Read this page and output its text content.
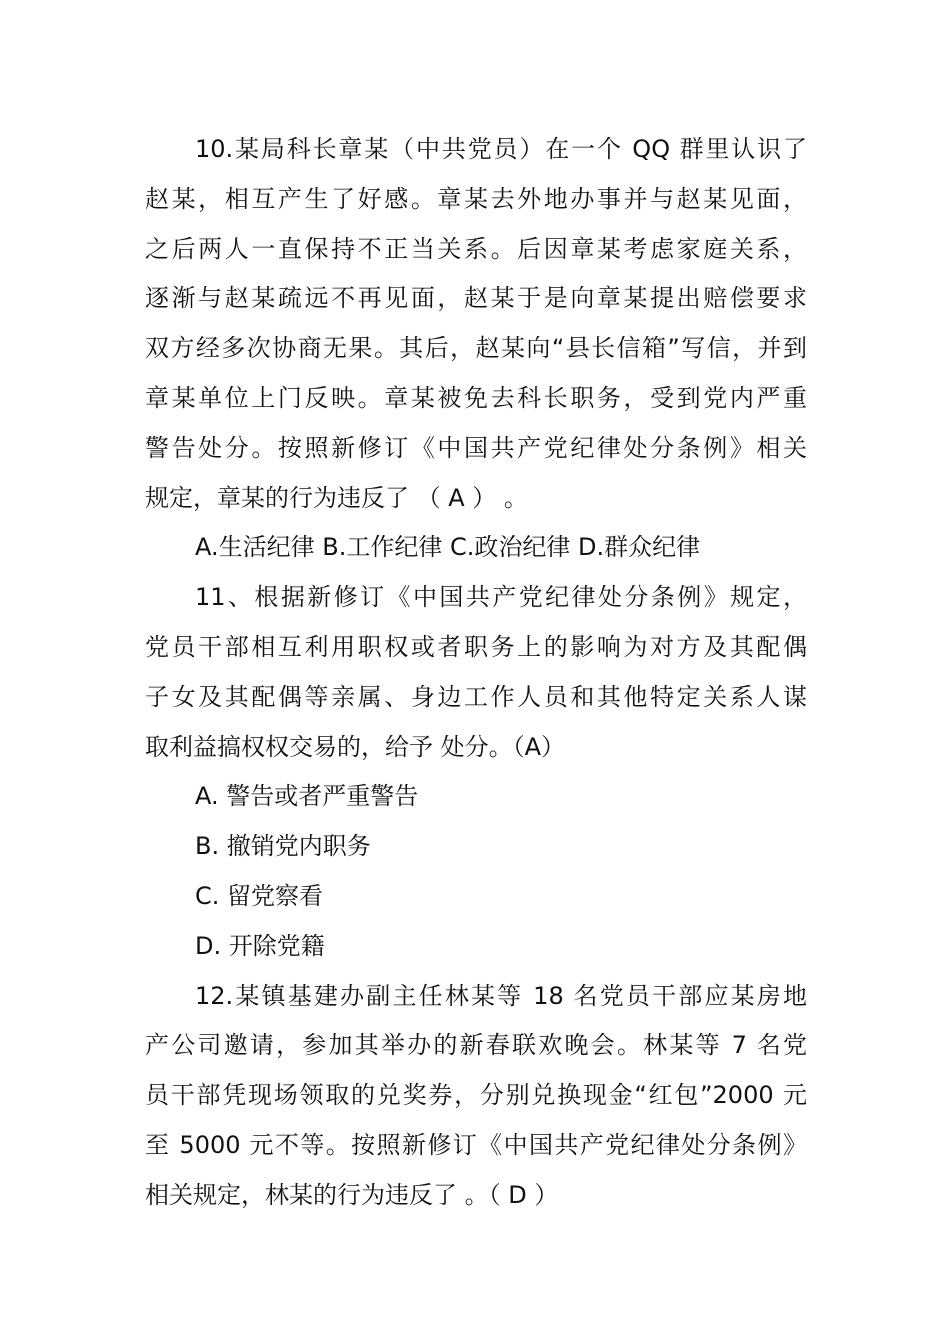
10.某局科长章某（中共党员）在一个 QQ 群里认识了
赵某，相互产生了好感。章某去外地办事并与赵某见面，
之后两人一直保持不正当关系。后因章某考虑家庭关系，
逐渐与赵某疏远不再见面，赵某于是向章某提出赔偿要求
双方经多次协商无果。其后，赵某向“县长信箱”写信，并到
章某单位上门反映。章某被免去科长职务，受到党内严重
警告处分。按照新修订《中国共产党纪律处分条例》相关
规定，章某的行为违反了 （ A ） 。
A.生活纪律 B.工作纪律 C.政治纪律 D.群众纪律
11、根据新修订《中国共产党纪律处分条例》规定，
党员干部相互利用职权或者职务上的影响为对方及其配偶
子女及其配偶等亲属、身边工作人员和其他特定关系人谋
取利益搞权权交易的，给予 处分。（A）
A. 警告或者严重警告
B. 撤销党内职务
C. 留党察看
D. 开除党籍
12.某镇基建办副主任林某等 18 名党员干部应某房地
产公司邀请，参加其举办的新春联欢晚会。林某等 7 名党
员干部凭现场领取的兑奖券，分别兑换现金“红包”2000 元
至 5000 元不等。按照新修订《中国共产党纪律处分条例》
相关规定，林某的行为违反了 。（ D ）
